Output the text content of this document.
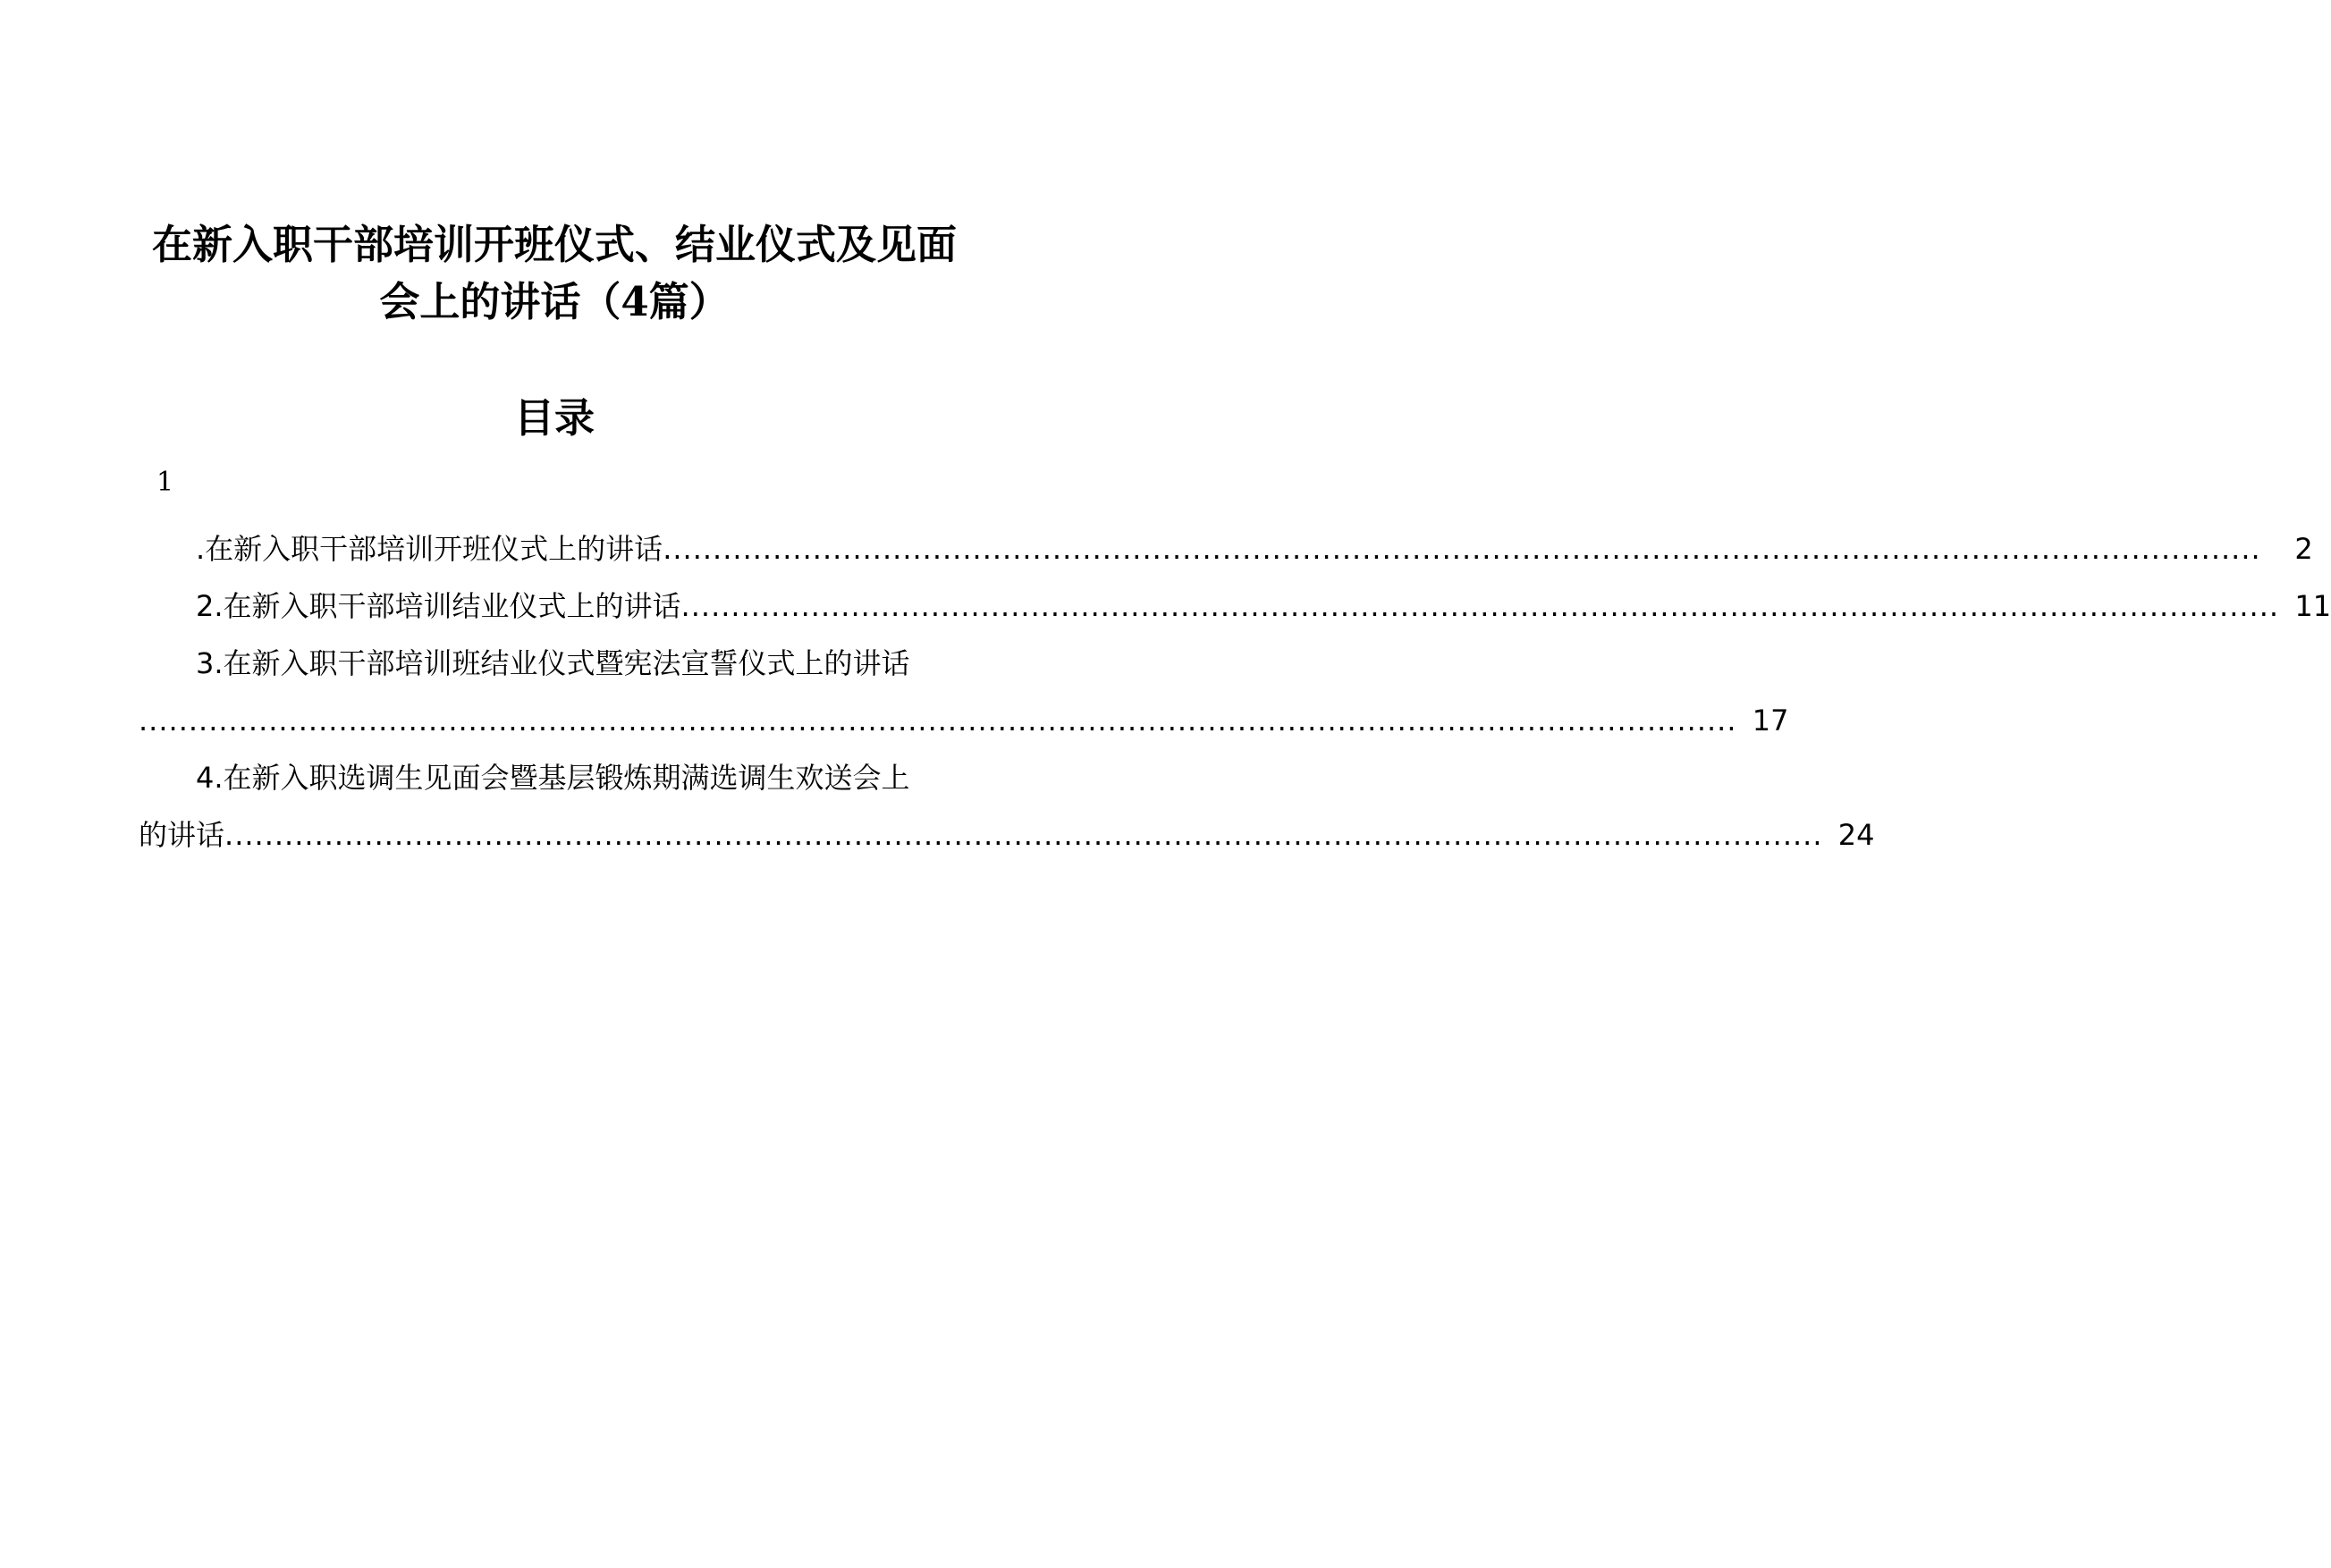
在新入职干部培训开班仪式、结业仪式及见面
会上的讲话（4篇）
目录
1
.在新入职干部培训开班仪式上的讲话 ................................................................................................................................................................	2
2.在新入职干部培训结业仪式上的讲话 ................................................................................................................................................................ 11
3.在新入职干部培训班结业仪式暨宪法宣誓仪式上的讲话
................................................................................................................................................................ 17
4.在新入职选调生见面会暨基层锻炼期满选调生欢送会上
的讲话 ................................................................................................................................................................ 24
